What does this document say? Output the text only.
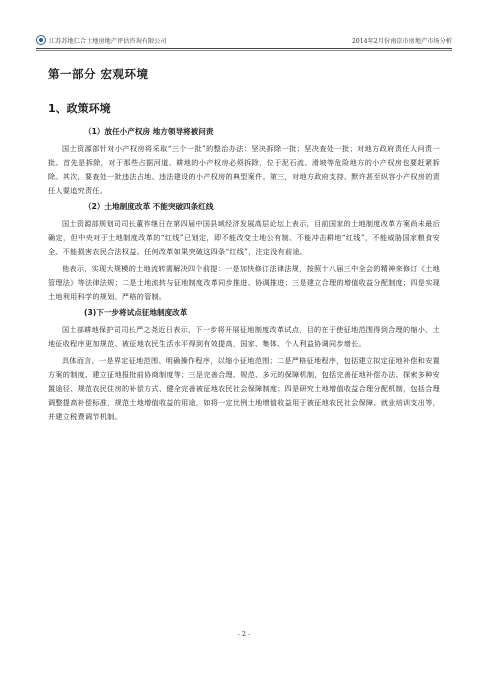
江苏苏地仁合土地房地产评估咨询有限公司	2014年2月份南京市房地产市场分析
第一部分 宏观环境
1、政策环境
（1）放任小产权房 地方领导将被问责

国土资源部针对小产权房将采取“三个一批”的整治办法：坚决拆除一批；坚决查处一批；对地方政府责任人问责一批。首先是拆除，对于那些占据河道、耕地的小产权房必须拆除，位于泥石流、滑坡等危险地方的小产权房也要赶紧拆除。其次，要查处一批违法占地、违法建设的小产权房的典型案件。第三，对地方政府支持、默许甚至纵容小产权房的责任人要追究责任。

（2）土地制度改革 不能突破四条红线

国土资源部规划司司长董祚继日在第四届中国县域经济发展高层论坛上表示，目前国家的土地制度改革方案尚未最后确定，但中央对于土地制度改革的“红线”已划定，即不能改变土地公有制、不能冲击耕地“红线”，不能威胁国家粮食安全、不能损害农民合法权益。任何改革如果突破这四条“红线”，注定没有前途。

他表示，实现大规模的土地流转需解决四个前提：一是加快修订法律法规，按照十八届三中全会的精神来修订《土地管理法》等法律法规；二是土地流转与征地制度改革同步推进、协调推进；三是建立合理的增值收益分配制度；四是实现土地利用科学的规划、严格的管制。

(3)下一步将试点征地制度改革

国土部耕地保护司司长严之尧近日表示，下一步将开展征地制度改革试点，目的在于使征地范围得到合理的缩小、土地征收程序更加规范、被征地农民生活水平得到有效提高，国家、集体、个人利益协调同步增长。

具体而言，一是界定征地范围、明确操作程序，以缩小征地范围；二是严格征地程序，包括建立拟定征地补偿和安置方案的制度、建立征地报批前协商制度等；三是完善合理、规范、多元的保障机制，包括完善征地补偿办法、探索多种安置途径、规范农民住房的补偿方式、健全完善被征地农民社会保障制度；四是研究土地增值收益合理分配机制，包括合理调整提高补偿标准，规范土地增值收益的用途，如将一定比例土地增值收益用于被征地农民社会保障、就业培训支出等，并建立税费调节机制。

- 2 -
